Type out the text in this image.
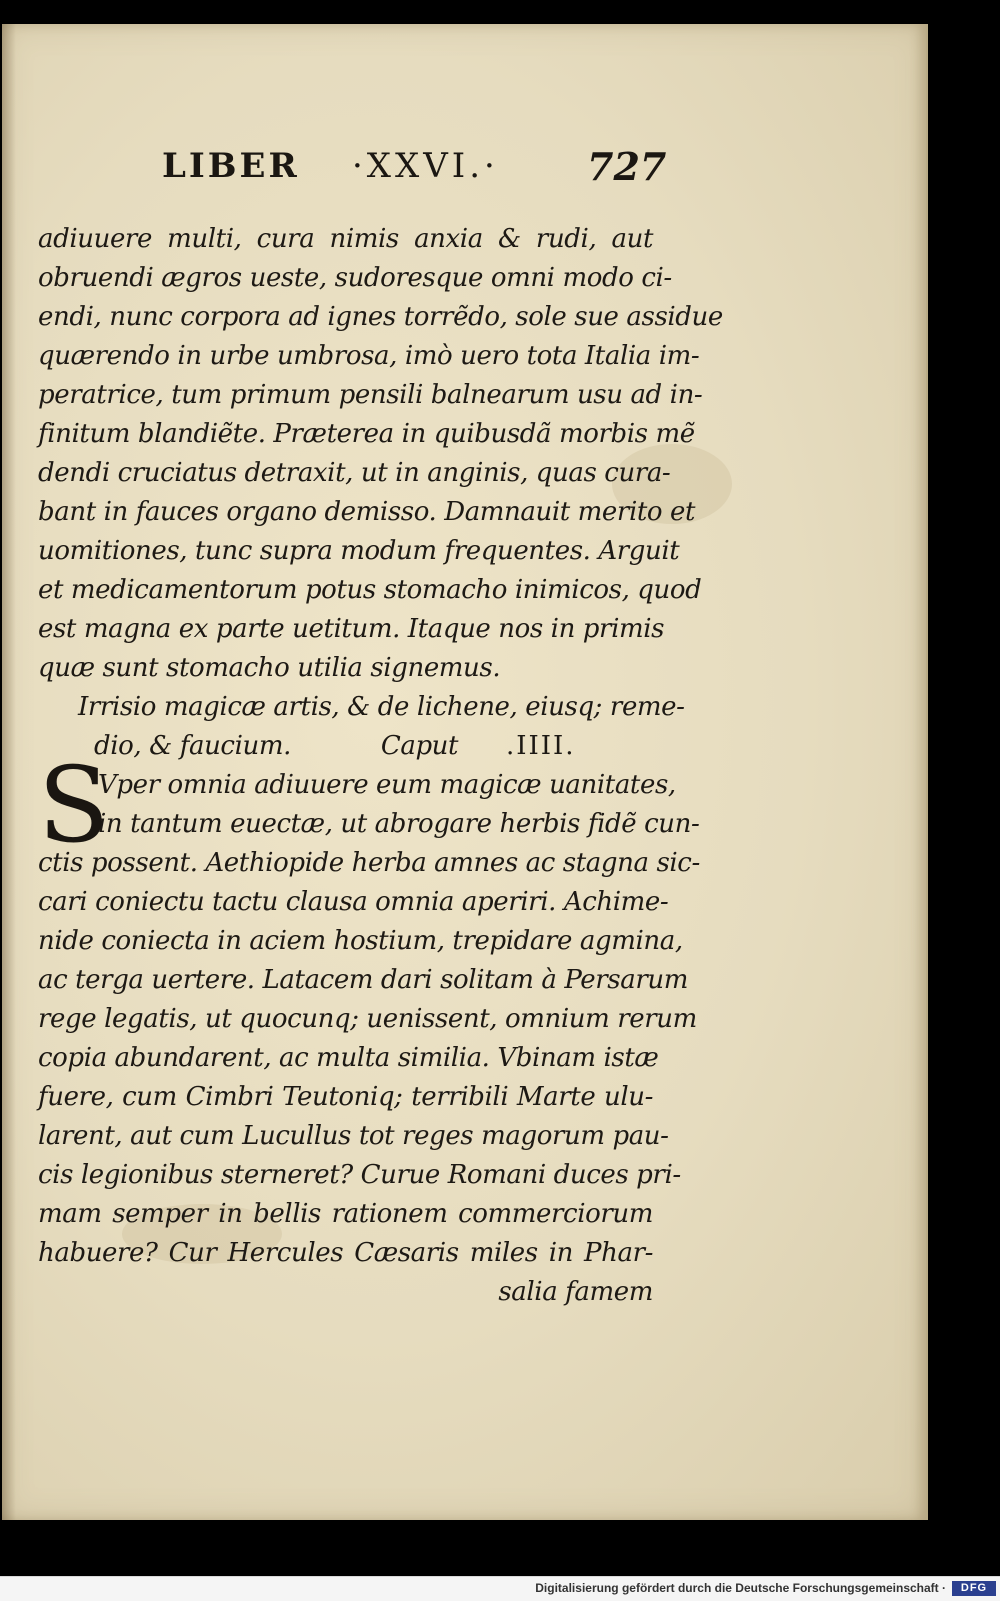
LIBER ·XXVI.· 727
adiuuere multi, cura nimis anxia & rudi, aut
obruendi ægros ueste, sudoresque omni modo ci-
endi, nunc corpora ad ignes torrẽdo, sole sue assidue
quærendo in urbe umbrosa, imò uero tota Italia im-
peratrice, tum primum pensili balnearum usu ad in-
finitum blandiẽte. Præterea in quibusdã morbis mẽ
dendi cruciatus detraxit, ut in anginis, quas cura-
bant in fauces organo demisso. Damnauit merito et
uomitiones, tunc supra modum frequentes. Arguit
et medicamentorum potus stomacho inimicos, quod
est magna ex parte uetitum. Itaque nos in primis
quæ sunt stomacho utilia signemus.
Irrisio magicæ artis, & de lichene, eiusq; reme-
dio, & faucium.	Caput .IIII.
S
Vper omnia adiuuere eum magicæ uanitates,
in tantum euectæ, ut abrogare herbis fidẽ cun-
ctis possent. Aethiopide herba amnes ac stagna sic-
cari coniectu tactu clausa omnia aperiri. Achime-
nide coniecta in aciem hostium, trepidare agmina,
ac terga uertere. Latacem dari solitam à Persarum
rege legatis, ut quocunq; uenissent, omnium rerum
copia abundarent, ac multa similia. Vbinam istæ
fuere, cum Cimbri Teutoniq; terribili Marte ulu-
larent, aut cum Lucullus tot reges magorum pau-
cis legionibus sterneret? Curue Romani duces pri-
mam semper in bellis rationem commerciorum
habuere? Cur Hercules Cæsaris miles in Phar-
salia famem
Digitalisierung gefördert durch die Deutsche Forschungsgemeinschaft ·	DFG
